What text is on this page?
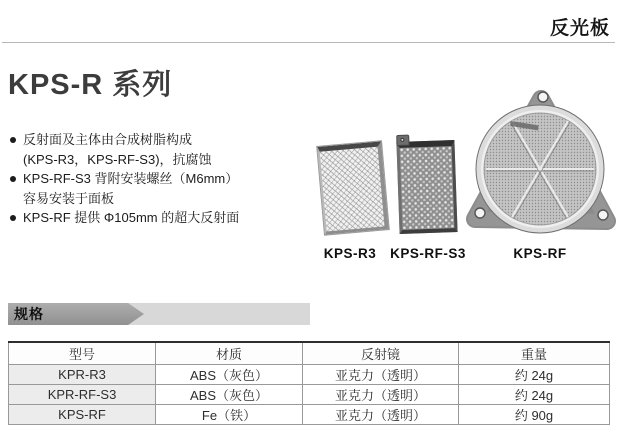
反光板
KPS-R 系列
反射面及主体由合成树脂构成
(KPS-R3，KPS-RF-S3)，抗腐蚀
KPS-RF-S3 背附安装螺丝（M6mm）
容易安装于面板
KPS-RF 提供 Φ105mm 的超大反射面
KPS-R3	KPS-RF-S3	KPS-RF
规格
型号	材质	反射镜	重量
KPR-R3	ABS（灰色）	亚克力（透明）	约 24g
KPR-RF-S3	ABS（灰色）	亚克力（透明）	约 24g
KPS-RF	Fe（铁）	亚克力（透明）	约 90g
